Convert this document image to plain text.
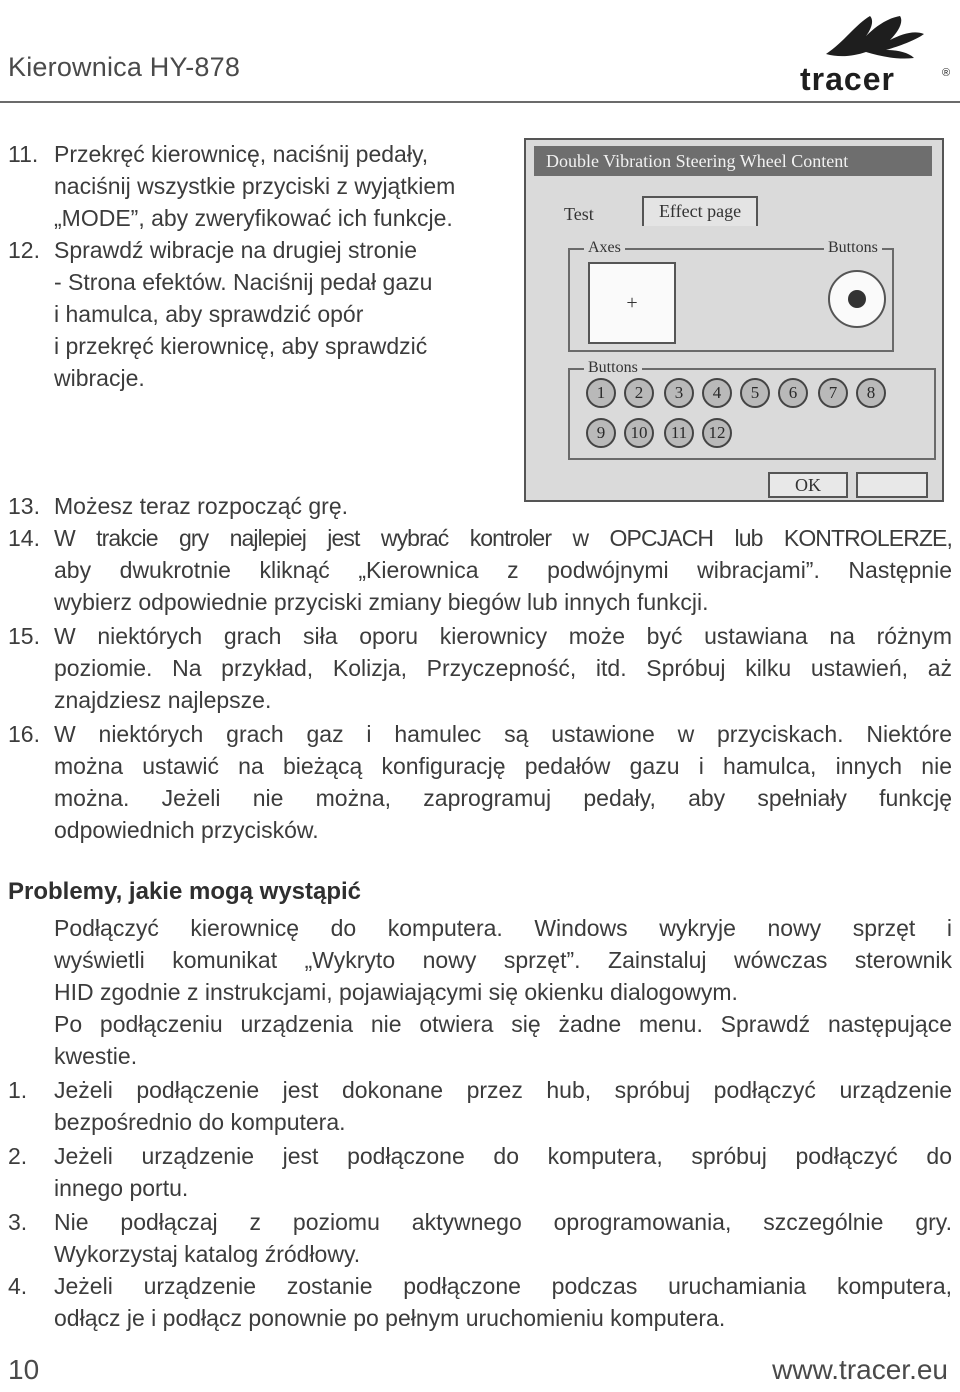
Kierownica HY-878	tracer	®
11. Przekręć kierownicę, naciśnij pedały,
naciśnij wszystkie przyciski z wyjątkiem
„MODE”, aby zweryfikować ich funkcje.
12. Sprawdź wibracje na drugiej stronie
- Strona efektów. Naciśnij pedał gazu
i hamulca, aby sprawdzić opór
i przekręć kierownicę, aby sprawdzić
wibracje.
Double Vibration Steering Wheel Content
Test	Effect page
Axes	Buttons
+
Buttons
1	2	3	4	5	6	7	8
9	10	11	12
OK
13. Możesz teraz rozpocząć grę.
14. W trakcie gry najlepiej jest wybrać kontroler w OPCJACH lub KONTROLERZE,
aby dwukrotnie kliknąć „Kierownica z podwójnymi wibracjami”. Następnie
wybierz odpowiednie przyciski zmiany biegów lub innych funkcji.
15. W niektórych grach siła oporu kierownicy może być ustawiana na różnym
poziomie. Na przykład, Kolizja, Przyczepność, itd. Spróbuj kilku ustawień, aż
znajdziesz najlepsze.
16. W niektórych grach gaz i hamulec są ustawione w przyciskach. Niektóre
można ustawić na bieżącą konfigurację pedałów gazu i hamulca, innych nie
można. Jeżeli nie można, zaprogramuj pedały, aby spełniały funkcję
odpowiednich przycisków.
Problemy, jakie mogą wystąpić
Podłączyć kierownicę do komputera. Windows wykryje nowy sprzęt i
wyświetli komunikat „Wykryto nowy sprzęt”. Zainstaluj wówczas sterownik
HID zgodnie z instrukcjami, pojawiającymi się okienku dialogowym.
Po podłączeniu urządzenia nie otwiera się żadne menu. Sprawdź następujące
kwestie.
1.	Jeżeli podłączenie jest dokonane przez hub, spróbuj podłączyć urządzenie
bezpośrednio do komputera.
2.	Jeżeli urządzenie jest podłączone do komputera, spróbuj podłączyć do
innego portu.
3.	Nie podłączaj z poziomu aktywnego oprogramowania, szczególnie gry.
Wykorzystaj katalog źródłowy.
4.	Jeżeli urządzenie zostanie podłączone podczas uruchamiania komputera,
odłącz je i podłącz ponownie po pełnym uruchomieniu komputera.
10	www.tracer.eu
